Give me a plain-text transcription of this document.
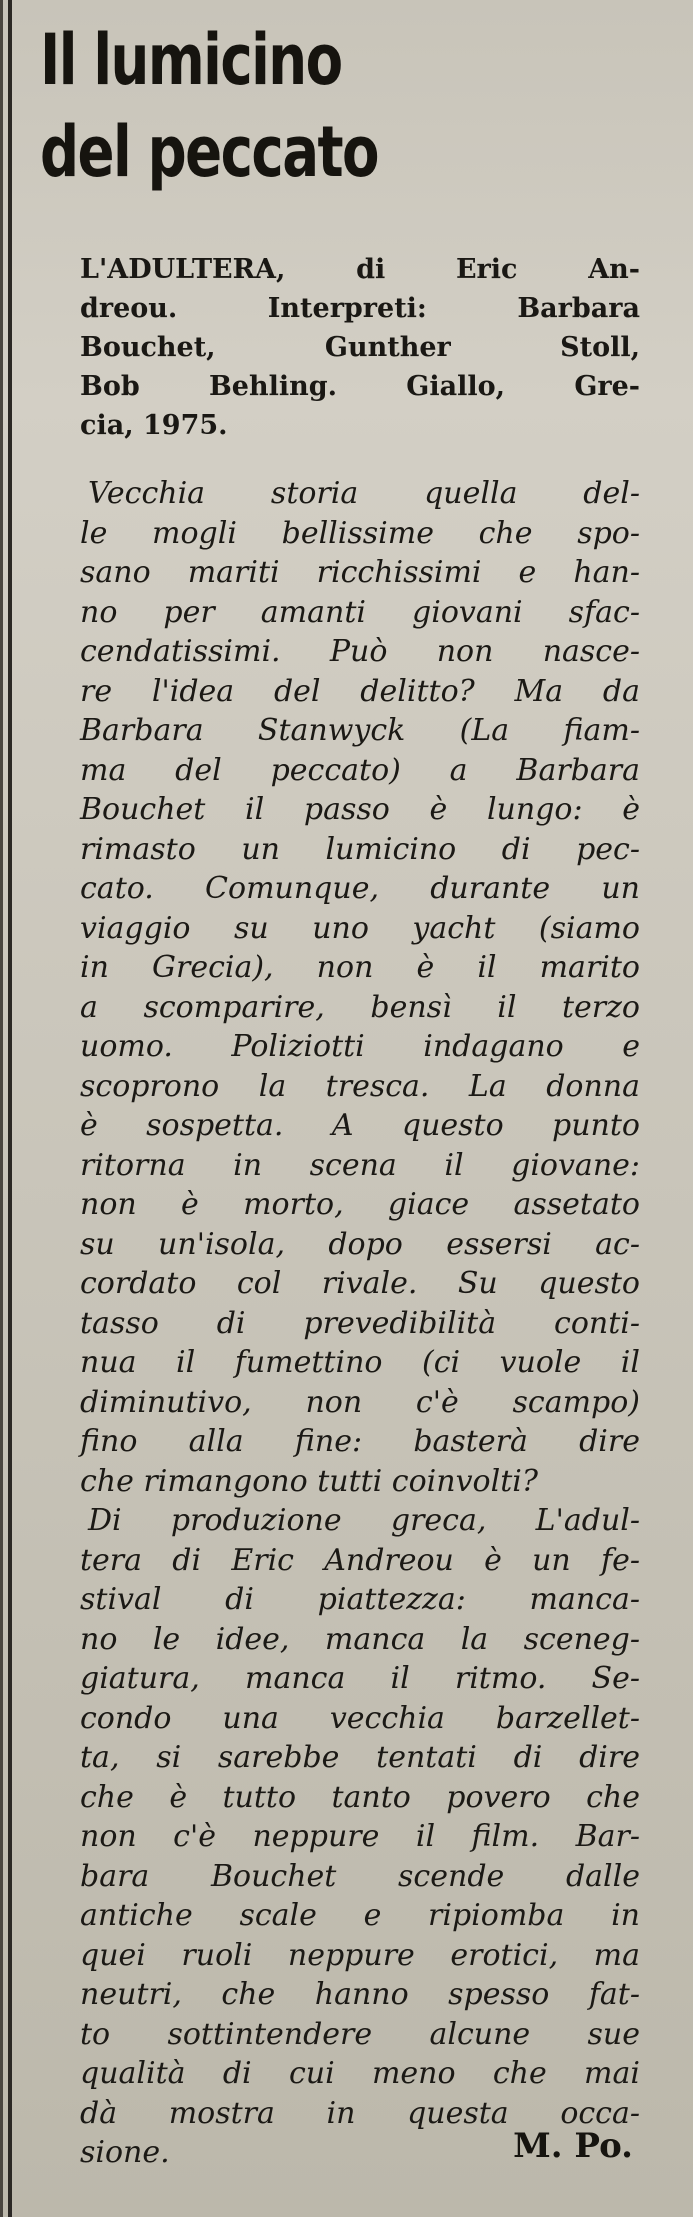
Il lumicino
del peccato
L'ADULTERA, di Eric An-
dreou. Interpreti: Barbara
Bouchet, Gunther Stoll,
Bob Behling. Giallo, Gre-
cia, 1975.
Vecchia storia quella del-
le mogli bellissime che spo-
sano mariti ricchissimi e han-
no per amanti giovani sfac-
cendatissimi. Può non nasce-
re l'idea del delitto? Ma da
Barbara Stanwyck (La fiam-
ma del peccato) a Barbara
Bouchet il passo è lungo: è
rimasto un lumicino di pec-
cato. Comunque, durante un
viaggio su uno yacht (siamo
in Grecia), non è il marito
a scomparire, bensì il terzo
uomo. Poliziotti indagano e
scoprono la tresca. La donna
è sospetta. A questo punto
ritorna in scena il giovane:
non è morto, giace assetato
su un'isola, dopo essersi ac-
cordato col rivale. Su questo
tasso di prevedibilità conti-
nua il fumettino (ci vuole il
diminutivo, non c'è scampo)
fino alla fine: basterà dire
che rimangono tutti coinvolti?
Di produzione greca, L'adul-
tera di Eric Andreou è un fe-
stival di piattezza: manca-
no le idee, manca la sceneg-
giatura, manca il ritmo. Se-
condo una vecchia barzellet-
ta, si sarebbe tentati di dire
che è tutto tanto povero che
non c'è neppure il film. Bar-
bara Bouchet scende dalle
antiche scale e ripiomba in
quei ruoli neppure erotici, ma
neutri, che hanno spesso fat-
to sottintendere alcune sue
qualità di cui meno che mai
dà mostra in questa occa-
sione.	M. Po.
